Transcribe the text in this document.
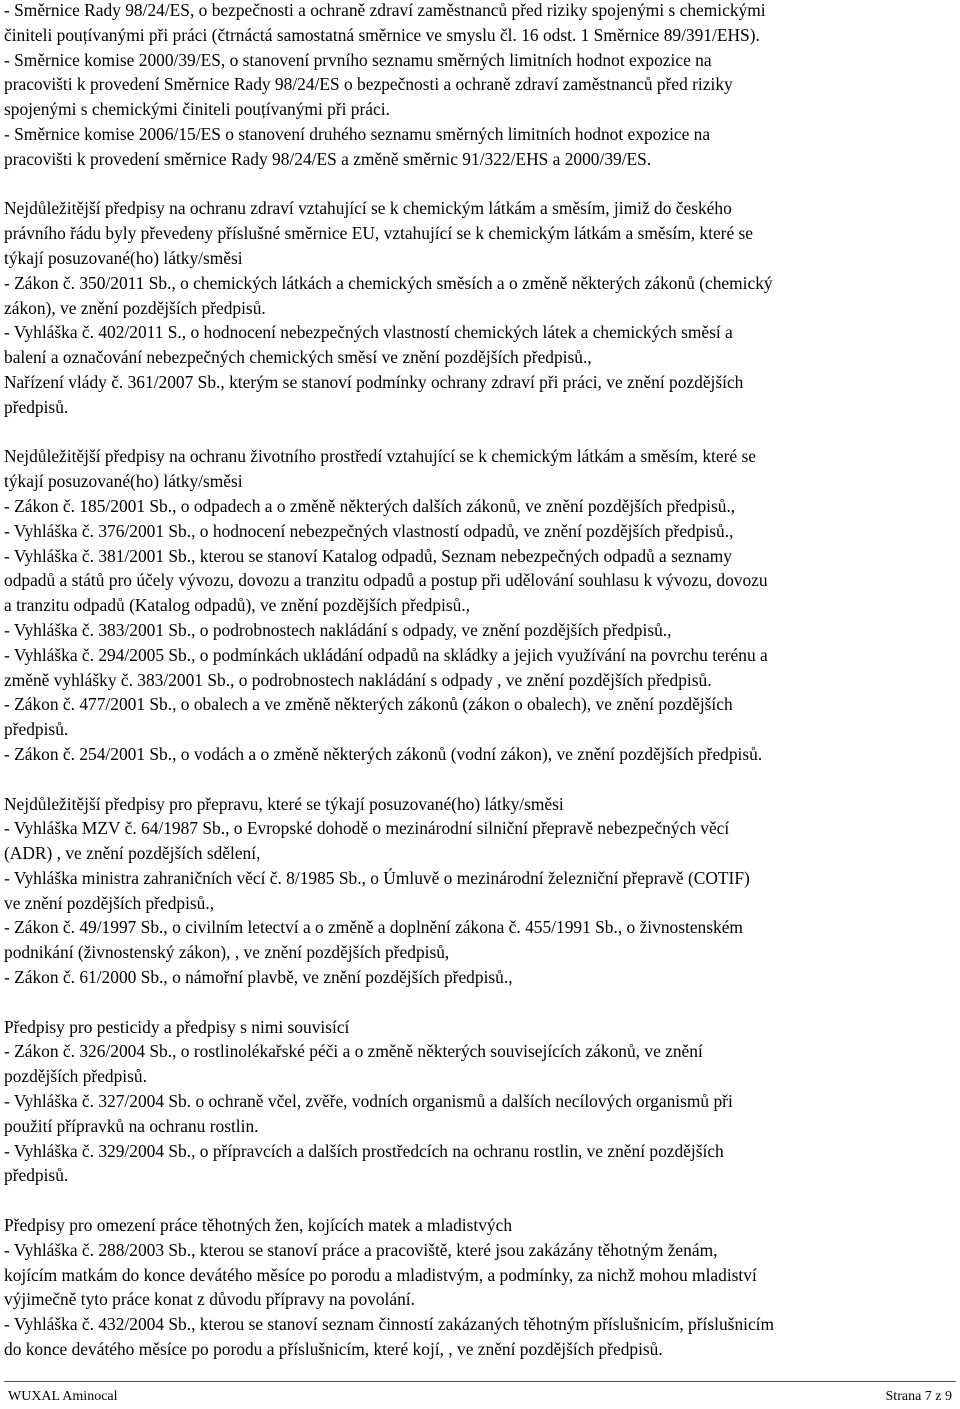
- Směrnice Rady 98/24/ES, o bezpečnosti a ochraně zdraví zaměstnanců před riziky spojenými s chemickými
činiteli pouțívanými při práci (čtrnáctá samostatná směrnice ve smyslu čl. 16 odst. 1 Směrnice 89/391/EHS).
- Směrnice komise 2000/39/ES, o stanovení prvního seznamu směrných limitních hodnot expozice na
pracovišti k provedení Směrnice Rady 98/24/ES o bezpečnosti a ochraně zdraví zaměstnanců před riziky
spojenými s chemickými činiteli pouțívanými při práci.
- Směrnice komise 2006/15/ES o stanovení druhého seznamu směrných limitních hodnot expozice na
pracovišti k provedení směrnice Rady 98/24/ES a změně směrnic 91/322/EHS a 2000/39/ES.
Nejdůležitější předpisy na ochranu zdraví vztahující se k chemickým látkám a směsím, jimiž do českého
právního řádu byly převedeny příslušné směrnice EU, vztahující se k chemickým látkám a směsím, které se
týkají posuzované(ho) látky/směsi
- Zákon č. 350/2011 Sb., o chemických látkách a chemických směsích a o změně některých zákonů (chemický
zákon), ve znění pozdějších předpisů.
- Vyhláška č. 402/2011 S., o hodnocení nebezpečných vlastností chemických látek a chemických směsí a
balení a označování nebezpečných chemických směsí ve znění pozdějších předpisů.,
Nařízení vlády č. 361/2007 Sb., kterým se stanoví podmínky ochrany zdraví při práci, ve znění pozdějších
předpisů.
Nejdůležitější předpisy na ochranu životního prostředí vztahující se k chemickým látkám a směsím, které se
týkají posuzované(ho) látky/směsi
- Zákon č. 185/2001 Sb., o odpadech a o změně některých dalších zákonů, ve znění pozdějších předpisů.,
- Vyhláška č. 376/2001 Sb., o hodnocení nebezpečných vlastností odpadů, ve znění pozdějších předpisů.,
- Vyhláška č. 381/2001 Sb., kterou se stanoví Katalog odpadů, Seznam nebezpečných odpadů a seznamy
odpadů a států pro účely vývozu, dovozu a tranzitu odpadů a postup při udělování souhlasu k vývozu, dovozu
a tranzitu odpadů (Katalog odpadů), ve znění pozdějších předpisů.,
- Vyhláška č. 383/2001 Sb., o podrobnostech nakládání s odpady, ve znění pozdějších předpisů.,
- Vyhláška č. 294/2005 Sb., o podmínkách ukládání odpadů na skládky a jejich využívání na povrchu terénu a
změně vyhlášky č. 383/2001 Sb., o podrobnostech nakládání s odpady , ve znění pozdějších předpisů.
- Zákon č. 477/2001 Sb., o obalech a ve změně některých zákonů (zákon o obalech), ve znění pozdějších
předpisů.
- Zákon č. 254/2001 Sb., o vodách a o změně některých zákonů (vodní zákon), ve znění pozdějších předpisů.
Nejdůležitější předpisy pro přepravu, které se týkají posuzované(ho) látky/směsi
- Vyhláška MZV č. 64/1987 Sb., o Evropské dohodě o mezinárodní silniční přepravě nebezpečných věcí
(ADR) , ve znění pozdějších sdělení,
- Vyhláška ministra zahraničních věcí č. 8/1985 Sb., o Úmluvě o mezinárodní železniční přepravě (COTIF)
ve znění pozdějších předpisů.,
- Zákon č. 49/1997 Sb., o civilním letectví a o změně a doplnění zákona č. 455/1991 Sb., o živnostenském
podnikání (živnostenský zákon), , ve znění pozdějších předpisů,
- Zákon č. 61/2000 Sb., o námořní plavbě, ve znění pozdějších předpisů.,
Předpisy pro pesticidy a předpisy s nimi souvisící
- Zákon č. 326/2004 Sb., o rostlinolékařské péči a o změně některých souvisejících zákonů, ve znění
pozdějších předpisů.
- Vyhláška č. 327/2004 Sb. o ochraně včel, zvěře, vodních organismů a dalších necílových organismů při
použití přípravků na ochranu rostlin.
- Vyhláška č. 329/2004 Sb., o přípravcích a dalších prostředcích na ochranu rostlin, ve znění pozdějších
předpisů.
Předpisy pro omezení práce těhotných žen, kojících matek a mladistvých
- Vyhláška č. 288/2003 Sb., kterou se stanoví práce a pracoviště, které jsou zakázány těhotným ženám,
kojícím matkám do konce devátého měsíce po porodu a mladistvým, a podmínky, za nichž mohou mladiství
výjimečně tyto práce konat z důvodu přípravy na povolání.
- Vyhláška č. 432/2004 Sb., kterou se stanoví seznam činností zakázaných těhotným příslušnicím, příslušnicím
do konce devátého měsíce po porodu a příslušnicím, které kojí, , ve znění pozdějších předpisů.
WUXAL Aminocal	Strana 7 z 9
